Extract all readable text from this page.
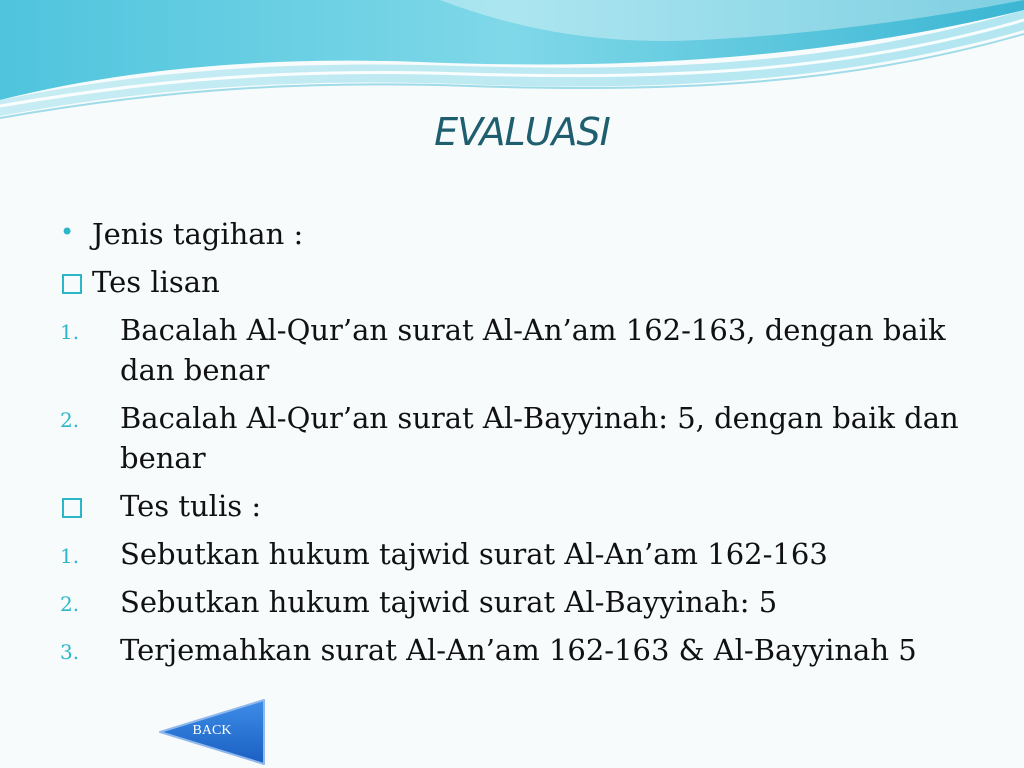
EVALUASI
• Jenis tagihan :
Tes lisan
1.	Bacalah Al-Qur’an surat Al-An’am 162-163, dengan baik dan benar
2.	Bacalah Al-Qur’an surat Al-Bayyinah: 5, dengan baik dan benar
Tes tulis :
1.	Sebutkan hukum tajwid surat Al-An’am 162-163
2.	Sebutkan hukum tajwid surat Al-Bayyinah: 5
3.	Terjemahkan surat Al-An’am 162-163 & Al-Bayyinah 5
BACK
